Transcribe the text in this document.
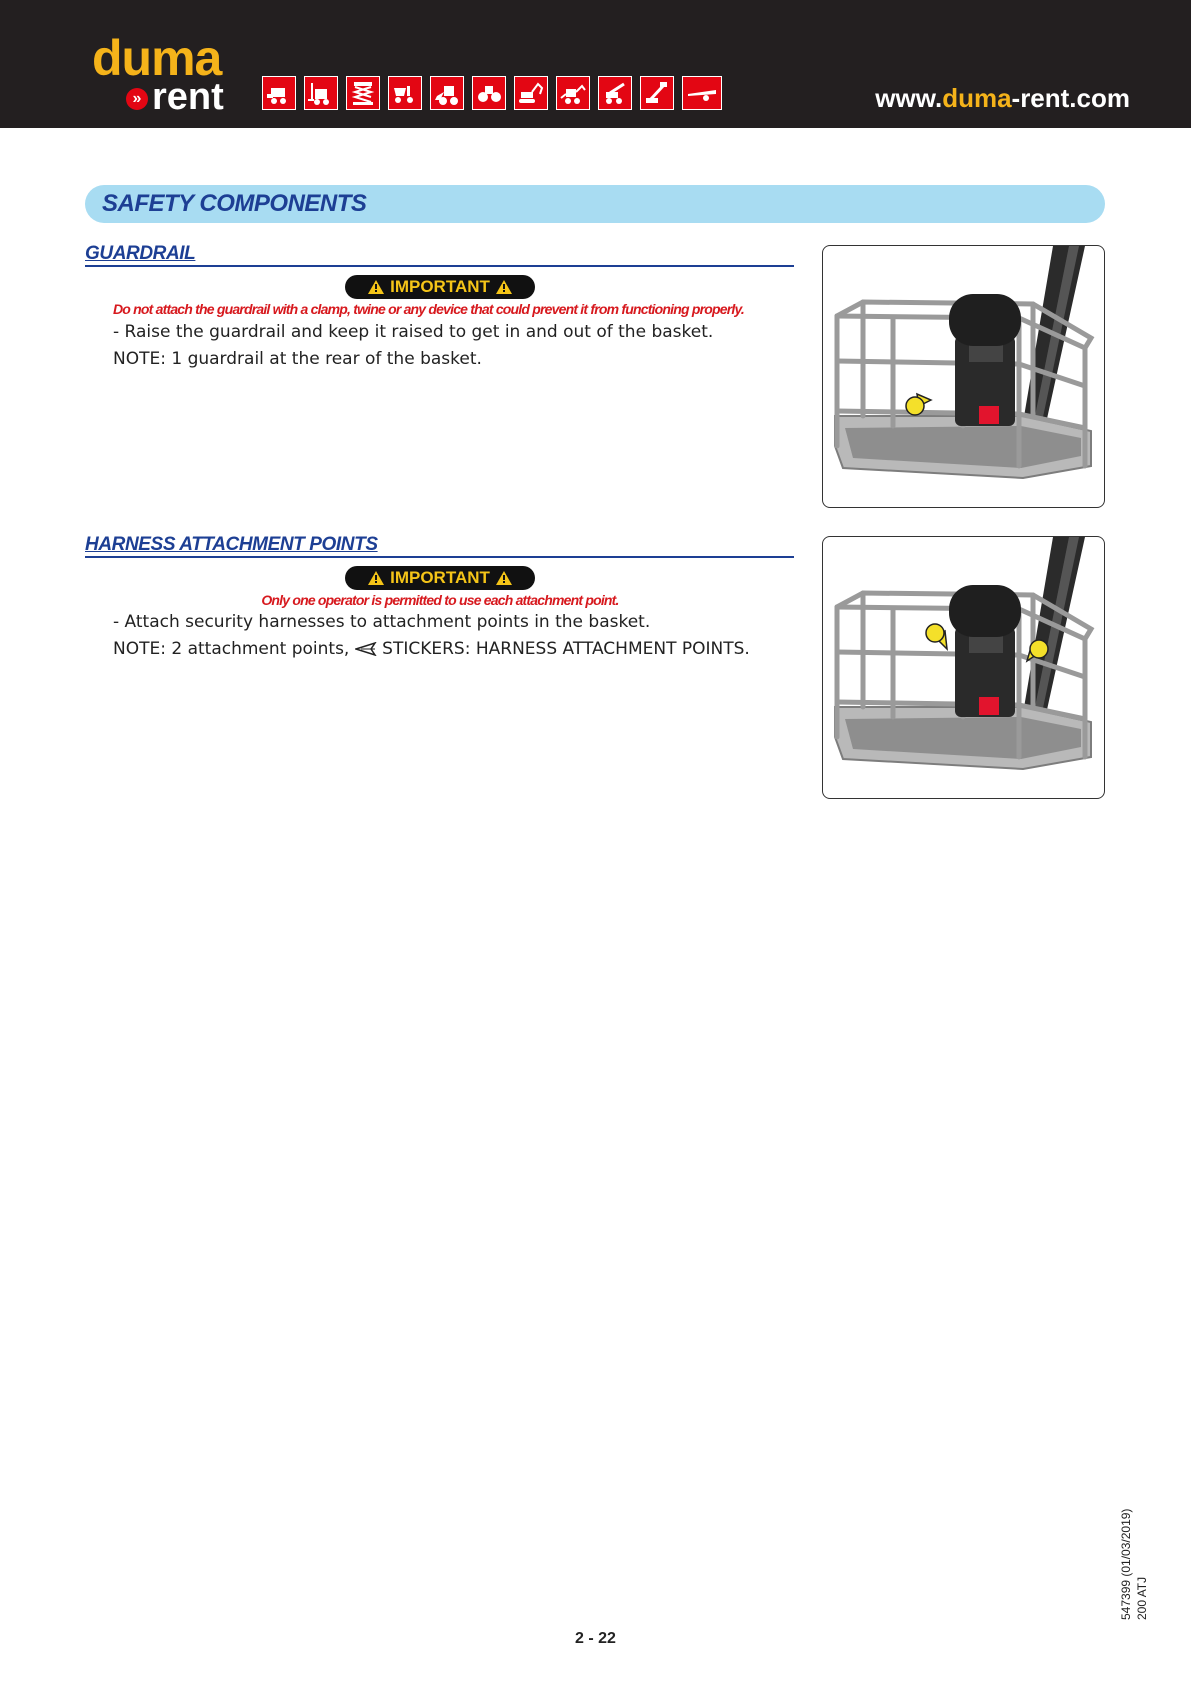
duma
» rent	www.duma-rent.com
SAFETY COMPONENTS
GUARDRAIL
IMPORTANT
Do not attach the guardrail with a clamp, twine or any device that could prevent it from functioning properly.
- Raise the guardrail and keep it raised to get in and out of the basket.
NOTE: 1 guardrail at the rear of the basket.
HARNESS ATTACHMENT POINTS
IMPORTANT
Only one operator is permitted to use each attachment point.
- Attach security harnesses to attachment points in the basket.
NOTE: 2 attachment points, STICKERS: HARNESS ATTACHMENT POINTS.
547399 (01/03/2019) 200 ATJ
2 - 22
